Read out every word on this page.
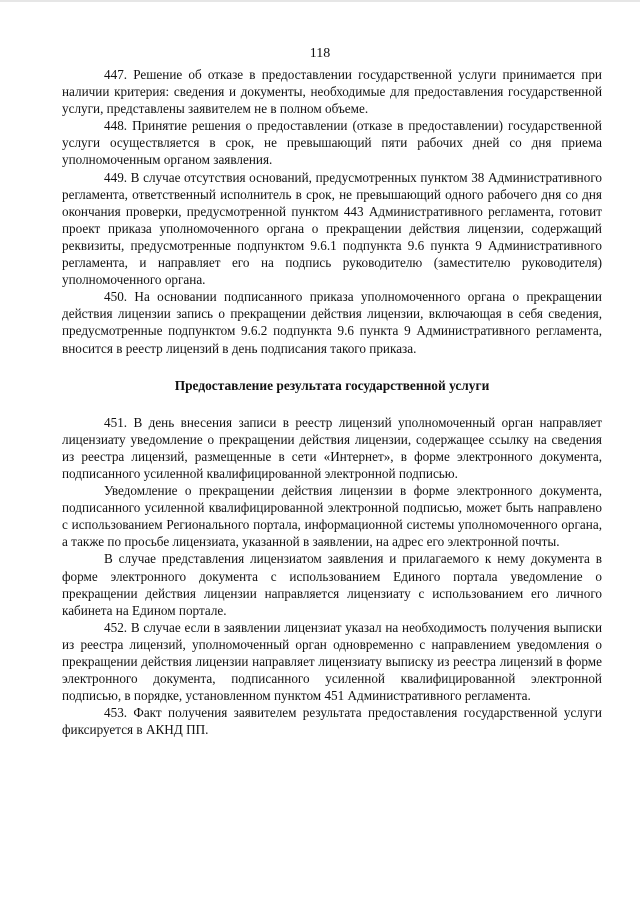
118

447. Решение об отказе в предоставлении государственной услуги принимается при наличии критерия: сведения и документы, необходимые для предоставления государственной услуги, представлены заявителем не в полном объеме.

448. Принятие решения о предоставлении (отказе в предоставлении) государственной услуги осуществляется в срок, не превышающий пяти рабочих дней со дня приема уполномоченным органом заявления.

449. В случае отсутствия оснований, предусмотренных пунктом 38 Административного регламента, ответственный исполнитель в срок, не превышающий одного рабочего дня со дня окончания проверки, предусмотренной пунктом 443 Административного регламента, готовит проект приказа уполномоченного органа о прекращении действия лицензии, содержащий реквизиты, предусмотренные подпунктом 9.6.1 подпункта 9.6 пункта 9 Административного регламента, и направляет его на подпись руководителю (заместителю руководителя) уполномоченного органа.

450. На основании подписанного приказа уполномоченного органа о прекращении действия лицензии запись о прекращении действия лицензии, включающая в себя сведения, предусмотренные подпунктом 9.6.2 подпункта 9.6 пункта 9 Административного регламента, вносится в реестр лицензий в день подписания такого приказа.

Предоставление результата государственной услуги

451. В день внесения записи в реестр лицензий уполномоченный орган направляет лицензиату уведомление о прекращении действия лицензии, содержащее ссылку на сведения из реестра лицензий, размещенные в сети «Интернет», в форме электронного документа, подписанного усиленной квалифицированной электронной подписью.

Уведомление о прекращении действия лицензии в форме электронного документа, подписанного усиленной квалифицированной электронной подписью, может быть направлено с использованием Регионального портала, информационной системы уполномоченного органа, а также по просьбе лицензиата, указанной в заявлении, на адрес его электронной почты.

В случае представления лицензиатом заявления и прилагаемого к нему документа в форме электронного документа с использованием Единого портала уведомление о прекращении действия лицензии направляется лицензиату с использованием его личного кабинета на Едином портале.

452. В случае если в заявлении лицензиат указал на необходимость получения выписки из реестра лицензий, уполномоченный орган одновременно с направлением уведомления о прекращении действия лицензии направляет лицензиату выписку из реестра лицензий в форме электронного документа, подписанного усиленной квалифицированной электронной подписью, в порядке, установленном пунктом 451 Административного регламента.

453. Факт получения заявителем результата предоставления государственной услуги фиксируется в АКНД ПП.
